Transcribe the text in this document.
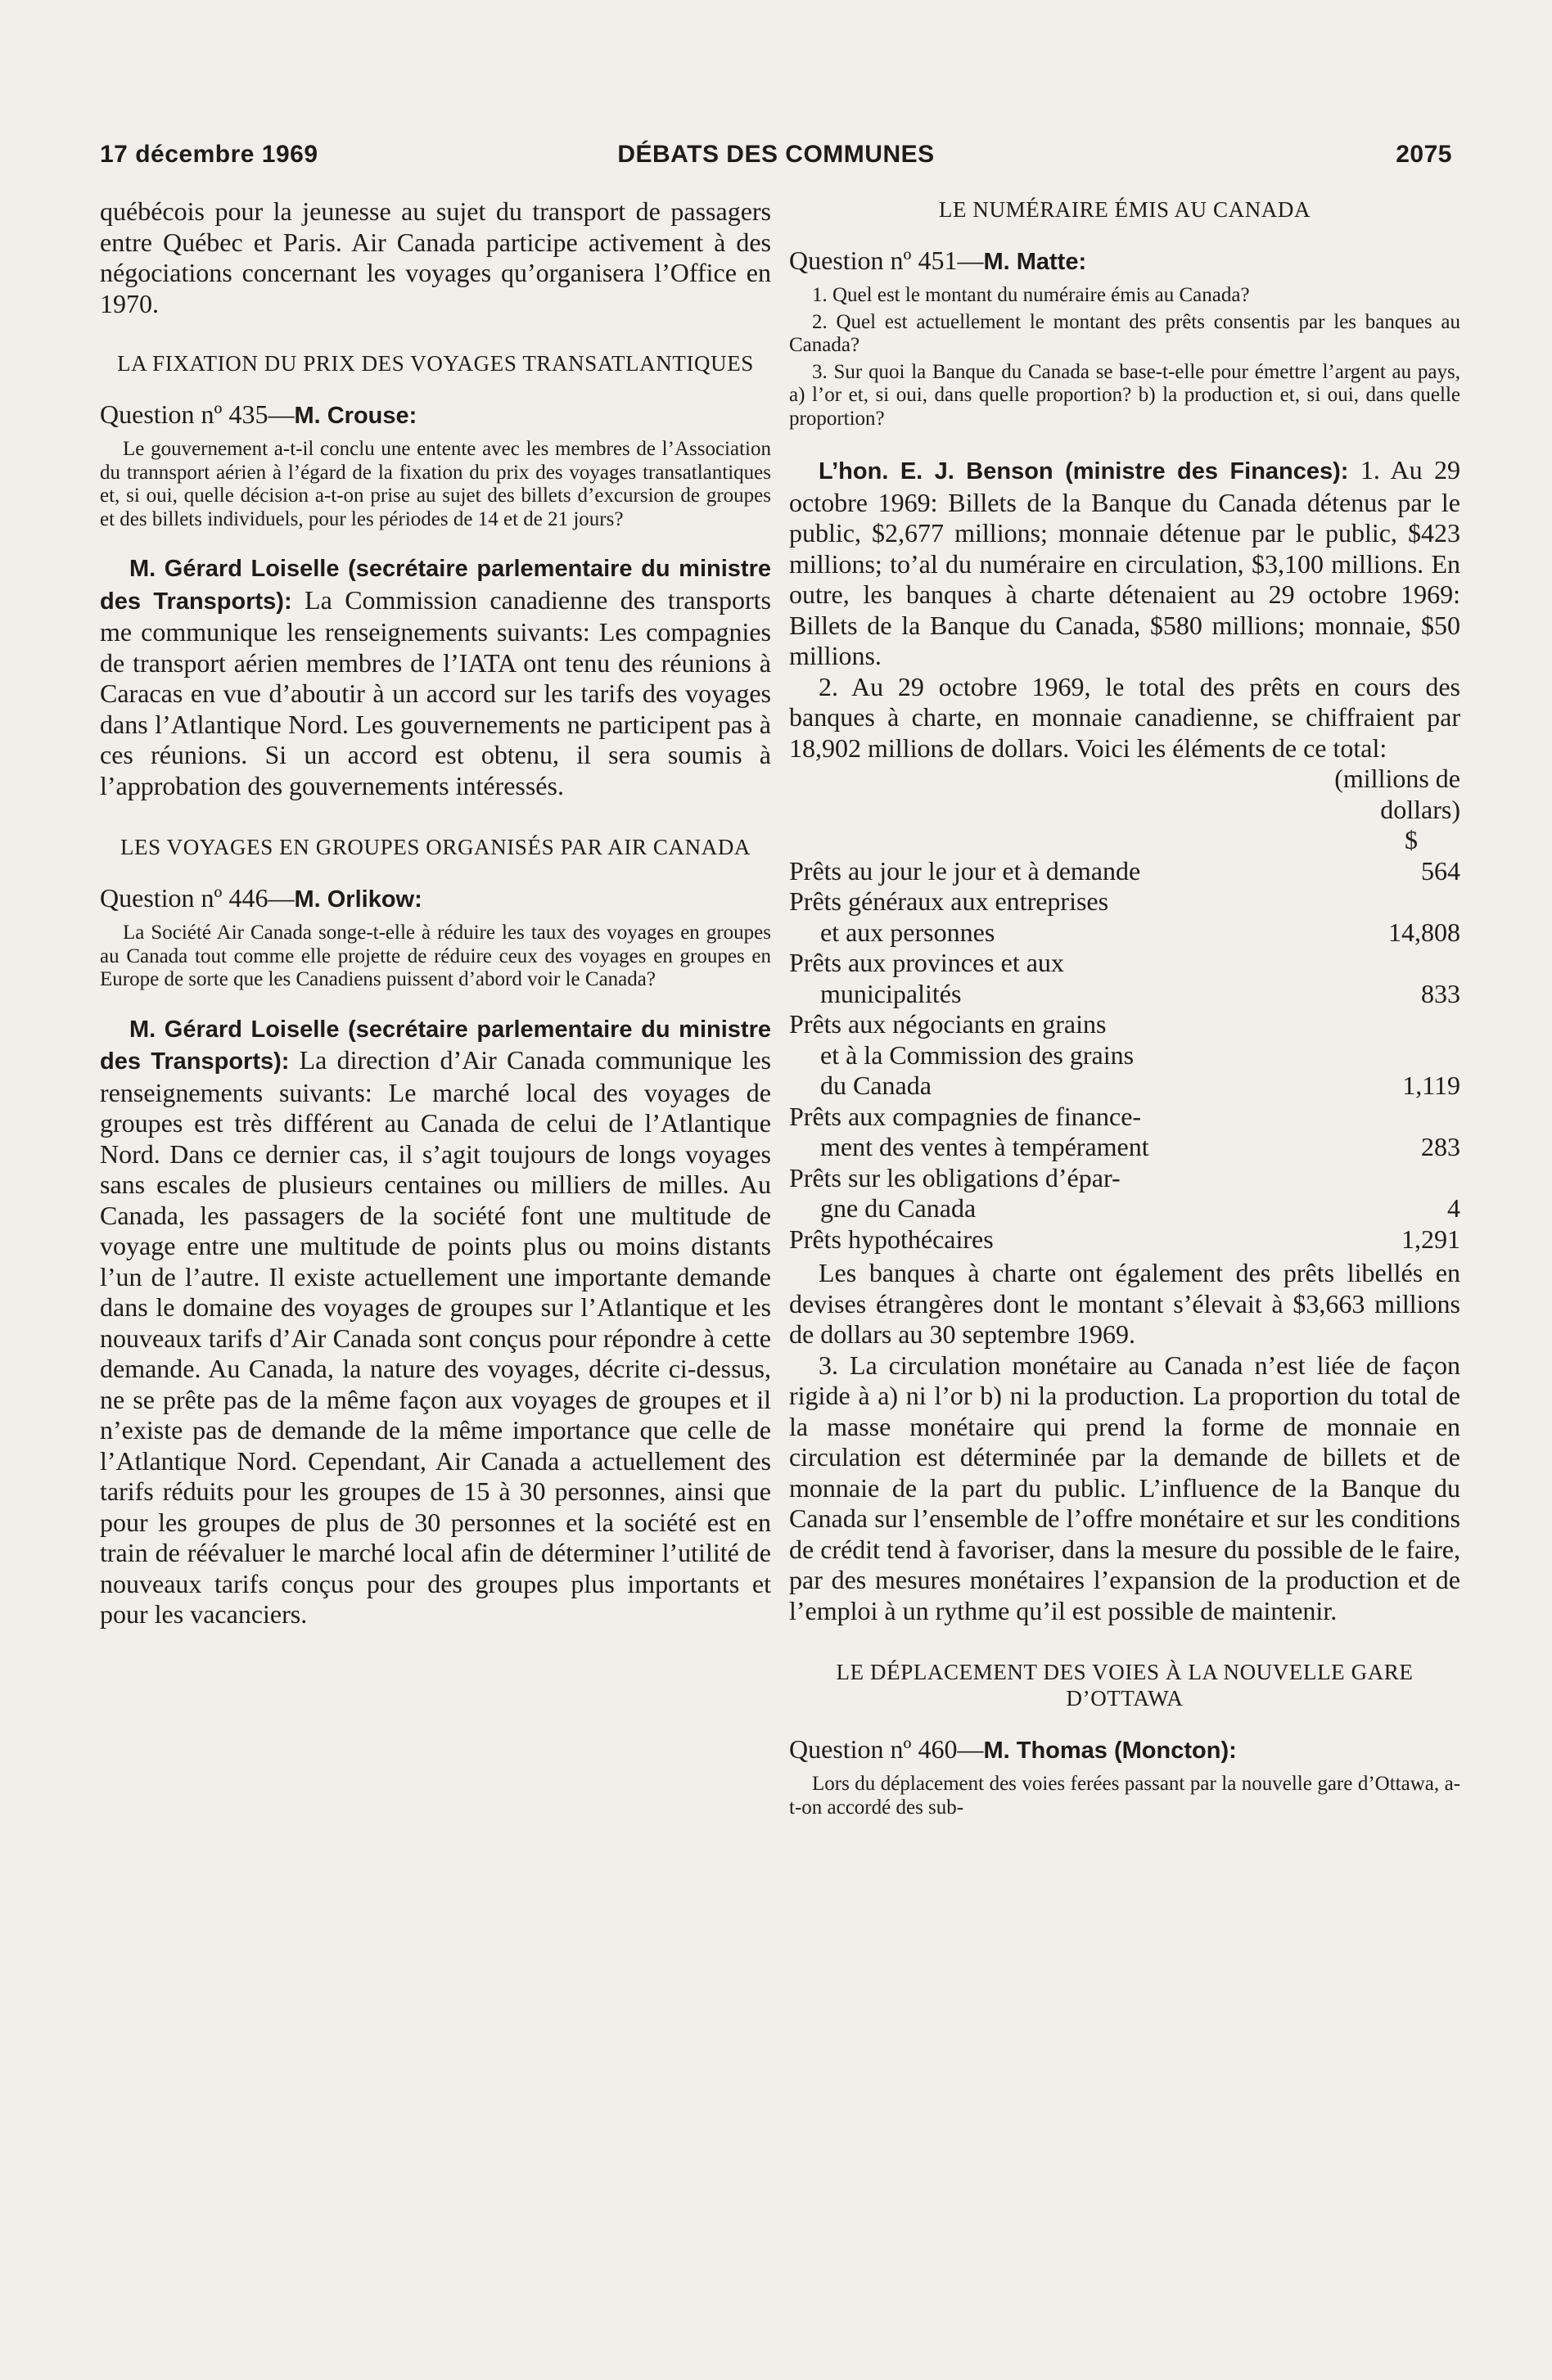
17 décembre 1969	DÉBATS DES COMMUNES	2075

québécois pour la jeunesse au sujet du transport de passagers entre Québec et Paris. Air Canada participe activement à des négociations concernant les voyages qu’organisera l’Office en 1970.

LA FIXATION DU PRIX DES VOYAGES TRANSATLANTIQUES

Question nº 435—M. Crouse:

Le gouvernement a-t-il conclu une entente avec les membres de l’Association du trannsport aérien à l’égard de la fixation du prix des voyages transatlantiques et, si oui, quelle décision a-t-on prise au sujet des billets d’excursion de groupes et des billets individuels, pour les périodes de 14 et de 21 jours?

M. Gérard Loiselle (secrétaire parlementaire du ministre des Transports): La Commission canadienne des transports me communique les renseignements suivants: Les compagnies de transport aérien membres de l’IATA ont tenu des réunions à Caracas en vue d’aboutir à un accord sur les tarifs des voyages dans l’Atlantique Nord. Les gouvernements ne participent pas à ces réunions. Si un accord est obtenu, il sera soumis à l’approbation des gouvernements intéressés.

LES VOYAGES EN GROUPES ORGANISÉS PAR AIR CANADA

Question nº 446—M. Orlikow:

La Société Air Canada songe-t-elle à réduire les taux des voyages en groupes au Canada tout comme elle projette de réduire ceux des voyages en groupes en Europe de sorte que les Canadiens puissent d’abord voir le Canada?

M. Gérard Loiselle (secrétaire parlementaire du ministre des Transports): La direction d’Air Canada communique les renseignements suivants: Le marché local des voyages de groupes est très différent au Canada de celui de l’Atlantique Nord. Dans ce dernier cas, il s’agit toujours de longs voyages sans escales de plusieurs centaines ou milliers de milles. Au Canada, les passagers de la société font une multitude de voyage entre une multitude de points plus ou moins distants l’un de l’autre. Il existe actuellement une importante demande dans le domaine des voyages de groupes sur l’Atlantique et les nouveaux tarifs d’Air Canada sont conçus pour répondre à cette demande. Au Canada, la nature des voyages, décrite ci-dessus, ne se prête pas de la même façon aux voyages de groupes et il n’existe pas de demande de la même importance que celle de l’Atlantique Nord. Cependant, Air Canada a actuellement des tarifs réduits pour les groupes de 15 à 30 personnes, ainsi que pour les groupes de plus de 30 personnes et la société est en train de réévaluer le marché local afin de déterminer l’utilité de nouveaux tarifs conçus pour des groupes plus importants et pour les vacanciers.

LE NUMÉRAIRE ÉMIS AU CANADA

Question nº 451—M. Matte:

1. Quel est le montant du numéraire émis au Canada?

2. Quel est actuellement le montant des prêts consentis par les banques au Canada?

3. Sur quoi la Banque du Canada se base-t-elle pour émettre l’argent au pays, a) l’or et, si oui, dans quelle proportion? b) la production et, si oui, dans quelle proportion?

L’hon. E. J. Benson (ministre des Finances): 1. Au 29 octobre 1969: Billets de la Banque du Canada détenus par le public, $2,677 millions; monnaie détenue par le public, $423 millions; to’al du numéraire en circulation, $3,100 millions. En outre, les banques à charte détenaient au 29 octobre 1969: Billets de la Banque du Canada, $580 millions; monnaie, $50 millions.

2. Au 29 octobre 1969, le total des prêts en cours des banques à charte, en monnaie canadienne, se chiffraient par 18,902 millions de dollars. Voici les éléments de ce total:

(millions de
dollars)
$
Prêts au jour le jour et à demande	564
Prêts généraux aux entreprises
et aux personnes	14,808
Prêts aux provinces et aux
municipalités	833
Prêts aux négociants en grains
et à la Commission des grains
du Canada	1,119
Prêts aux compagnies de finance-
ment des ventes à tempérament	283
Prêts sur les obligations d’épar-
gne du Canada	4
Prêts hypothécaires	1,291

Les banques à charte ont également des prêts libellés en devises étrangères dont le montant s’élevait à $3,663 millions de dollars au 30 septembre 1969.

3. La circulation monétaire au Canada n’est liée de façon rigide à a) ni l’or b) ni la production. La proportion du total de la masse monétaire qui prend la forme de monnaie en circulation est déterminée par la demande de billets et de monnaie de la part du public. L’influence de la Banque du Canada sur l’ensemble de l’offre monétaire et sur les conditions de crédit tend à favoriser, dans la mesure du possible de le faire, par des mesures monétaires l’expansion de la production et de l’emploi à un rythme qu’il est possible de maintenir.

LE DÉPLACEMENT DES VOIES À LA NOUVELLE GARE D’OTTAWA

Question nº 460—M. Thomas (Moncton):

Lors du déplacement des voies ferées passant par la nouvelle gare d’Ottawa, a-t-on accordé des sub-
